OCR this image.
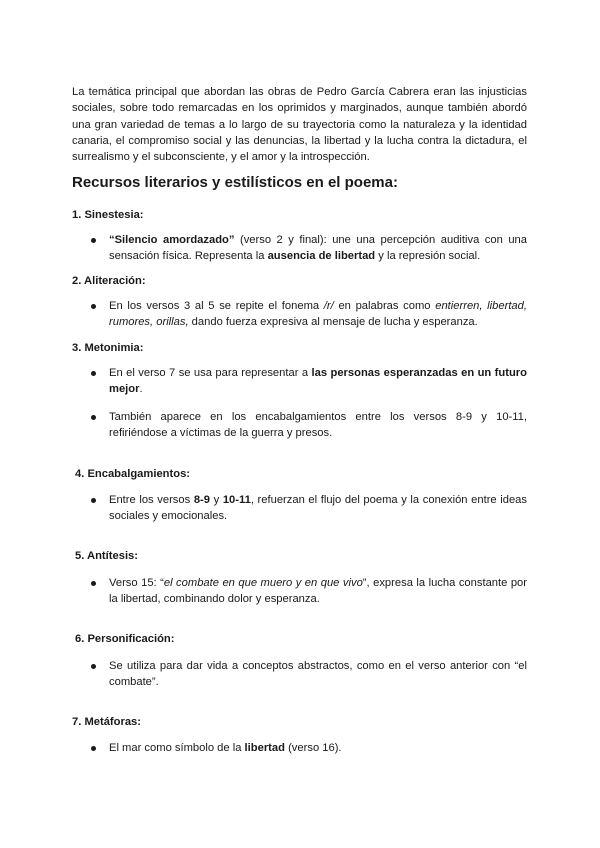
La temática principal que abordan las obras de Pedro García Cabrera eran las injusticias sociales, sobre todo remarcadas en los oprimidos y marginados, aunque también abordó una gran variedad de temas a lo largo de su trayectoria como la naturaleza y la identidad canaria, el compromiso social y las denuncias, la libertad y la lucha contra la dictadura, el surrealismo y el subconsciente, y el amor y la introspección.

Recursos literarios y estilísticos en el poema:
1. Sinestesia:

“Silencio amordazado” (verso 2 y final): une una percepción auditiva con una sensación física. Representa la ausencia de libertad y la represión social.

2. Aliteración:

En los versos 3 al 5 se repite el fonema /r/ en palabras como entierren, libertad, rumores, orillas, dando fuerza expresiva al mensaje de lucha y esperanza.

3. Metonimia:

En el verso 7 se usa para representar a las personas esperanzadas en un futuro mejor.

También aparece en los encabalgamientos entre los versos 8-9 y 10-11, refiriéndose a víctimas de la guerra y presos.

4. Encabalgamientos:

Entre los versos 8-9 y 10-11, refuerzan el flujo del poema y la conexión entre ideas sociales y emocionales.

5. Antítesis:

Verso 15: “el combate en que muero y en que vivo”, expresa la lucha constante por la libertad, combinando dolor y esperanza.

6. Personificación:

Se utiliza para dar vida a conceptos abstractos, como en el verso anterior con “el combate”.

7. Metáforas:

El mar como símbolo de la libertad (verso 16).
